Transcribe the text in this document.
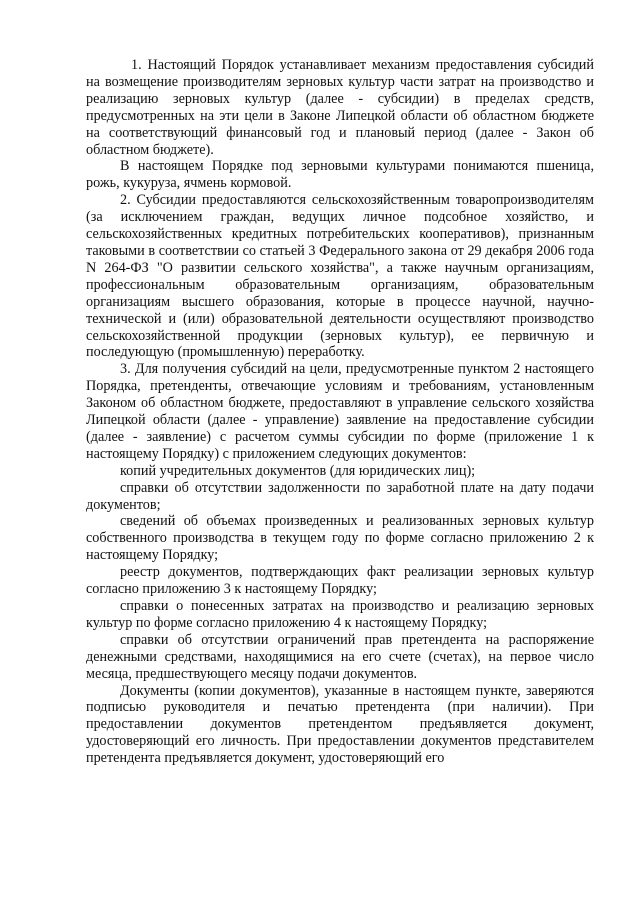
1. Настоящий Порядок устанавливает механизм предоставления субсидий на возмещение производителям зерновых культур части затрат на производство и реализацию зерновых культур (далее - субсидии) в пределах средств, предусмотренных на эти цели в Законе Липецкой области об областном бюджете на соответствующий финансовый год и плановый период (далее - Закон об областном бюджете).

В настоящем Порядке под зерновыми культурами понимаются пшеница, рожь, кукуруза, ячмень кормовой.

2. Субсидии предоставляются сельскохозяйственным товаропроизводителям (за исключением граждан, ведущих личное подсобное хозяйство, и сельскохозяйственных кредитных потребительских кооперативов), признанным таковыми в соответствии со статьей 3 Федерального закона от 29 декабря 2006 года N 264-ФЗ "О развитии сельского хозяйства", а также научным организациям, профессиональным образовательным организациям, образовательным организациям высшего образования, которые в процессе научной, научно-технической и (или) образовательной деятельности осуществляют производство сельскохозяйственной продукции (зерновых культур), ее первичную и последующую (промышленную) переработку.

3. Для получения субсидий на цели, предусмотренные пунктом 2 настоящего Порядка, претенденты, отвечающие условиям и требованиям, установленным Законом об областном бюджете, предоставляют в управление сельского хозяйства Липецкой области (далее - управление) заявление на предоставление субсидии (далее - заявление) с расчетом суммы субсидии по форме (приложение 1 к настоящему Порядку) с приложением следующих документов:

копий учредительных документов (для юридических лиц);

справки об отсутствии задолженности по заработной плате на дату подачи документов;

сведений об объемах произведенных и реализованных зерновых культур собственного производства в текущем году по форме согласно приложению 2 к настоящему Порядку;

реестр документов, подтверждающих факт реализации зерновых культур согласно приложению 3 к настоящему Порядку;

справки о понесенных затратах на производство и реализацию зерновых культур по форме согласно приложению 4 к настоящему Порядку;

справки об отсутствии ограничений прав претендента на распоряжение денежными средствами, находящимися на его счете (счетах), на первое число месяца, предшествующего месяцу подачи документов.

Документы (копии документов), указанные в настоящем пункте, заверяются подписью руководителя и печатью претендента (при наличии). При предоставлении документов претендентом предъявляется документ, удостоверяющий его личность. При предоставлении документов представителем претендента предъявляется документ, удостоверяющий его
